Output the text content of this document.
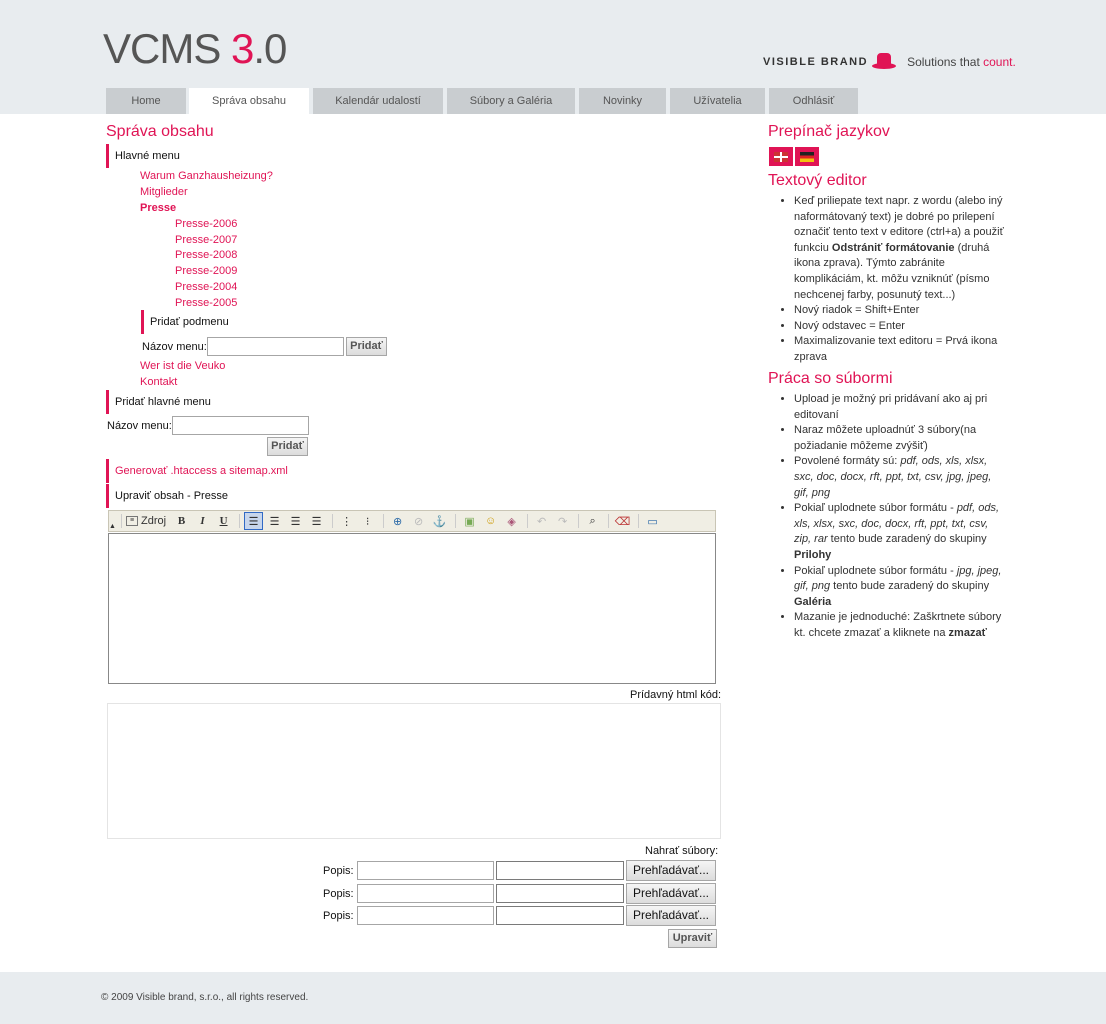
VCMS 3.0	VISIBLE BRAND	Solutions that count.
Home	Správa obsahu	Kalendár udalostí	Súbory a Galéria	Novinky	Užívatelia	Odhlásiť
Správa obsahu
Hlavné menu
Warum Ganzhausheizung?
Mitglieder
Presse
Presse-2006
Presse-2007
Presse-2008
Presse-2009
Presse-2004
Presse-2005
Pridať podmenu
Názov menu:	Pridať
Wer ist die Veuko
Kontakt
Pridať hlavné menu
Názov menu:
Pridať
Generovať .htaccess a sitemap.xml
Upraviť obsah - Presse
≡ Zdroj	B	I	U	☰	☰	☰	☰	⋮	⁝	⊕	⊘ ⚓	▣ ☺	◈	↶	↷	⌕	⌫	▭
▲
Prídavný html kód:
Nahrať súbory:
Popis:	Prehľadávať...
Popis:	Prehľadávať...
Popis:	Prehľadávať...
Upraviť
Prepínač jazykov
Textový editor
• Keď priliepate text napr. z wordu (alebo iný naformátovaný text) je dobré po prilepení označiť tento text v editore (ctrl+a) a použiť funkciu Odstrániť formátovanie (druhá ikona zprava). Týmto zabránite komplikáciám, kt. môžu vzniknúť (písmo nechcenej farby, posunutý text...)
• Nový riadok = Shift+Enter
• Nový odstavec = Enter
• Maximalizovanie text editoru = Prvá ikona zprava
Práca so súbormi
• Upload je možný pri pridávaní ako aj pri editovaní
• Naraz môžete uploadnúť 3 súbory(na požiadanie môžeme zvýšiť)
• Povolené formáty sú: pdf, ods, xls, xlsx, sxc, doc, docx, rft, ppt, txt, csv, jpg, jpeg, gif, png
• Pokiaľ uplodnete súbor formátu - pdf, ods, xls, xlsx, sxc, doc, docx, rft, ppt, txt, csv, zip, rar tento bude zaradený do skupiny Prilohy
• Pokiaľ uplodnete súbor formátu - jpg, jpeg, gif, png tento bude zaradený do skupiny Galéria
• Mazanie je jednoduché: Zaškrtnete súbory kt. chcete zmazať a kliknete na zmazať
© 2009 Visible brand, s.r.o., all rights reserved.
